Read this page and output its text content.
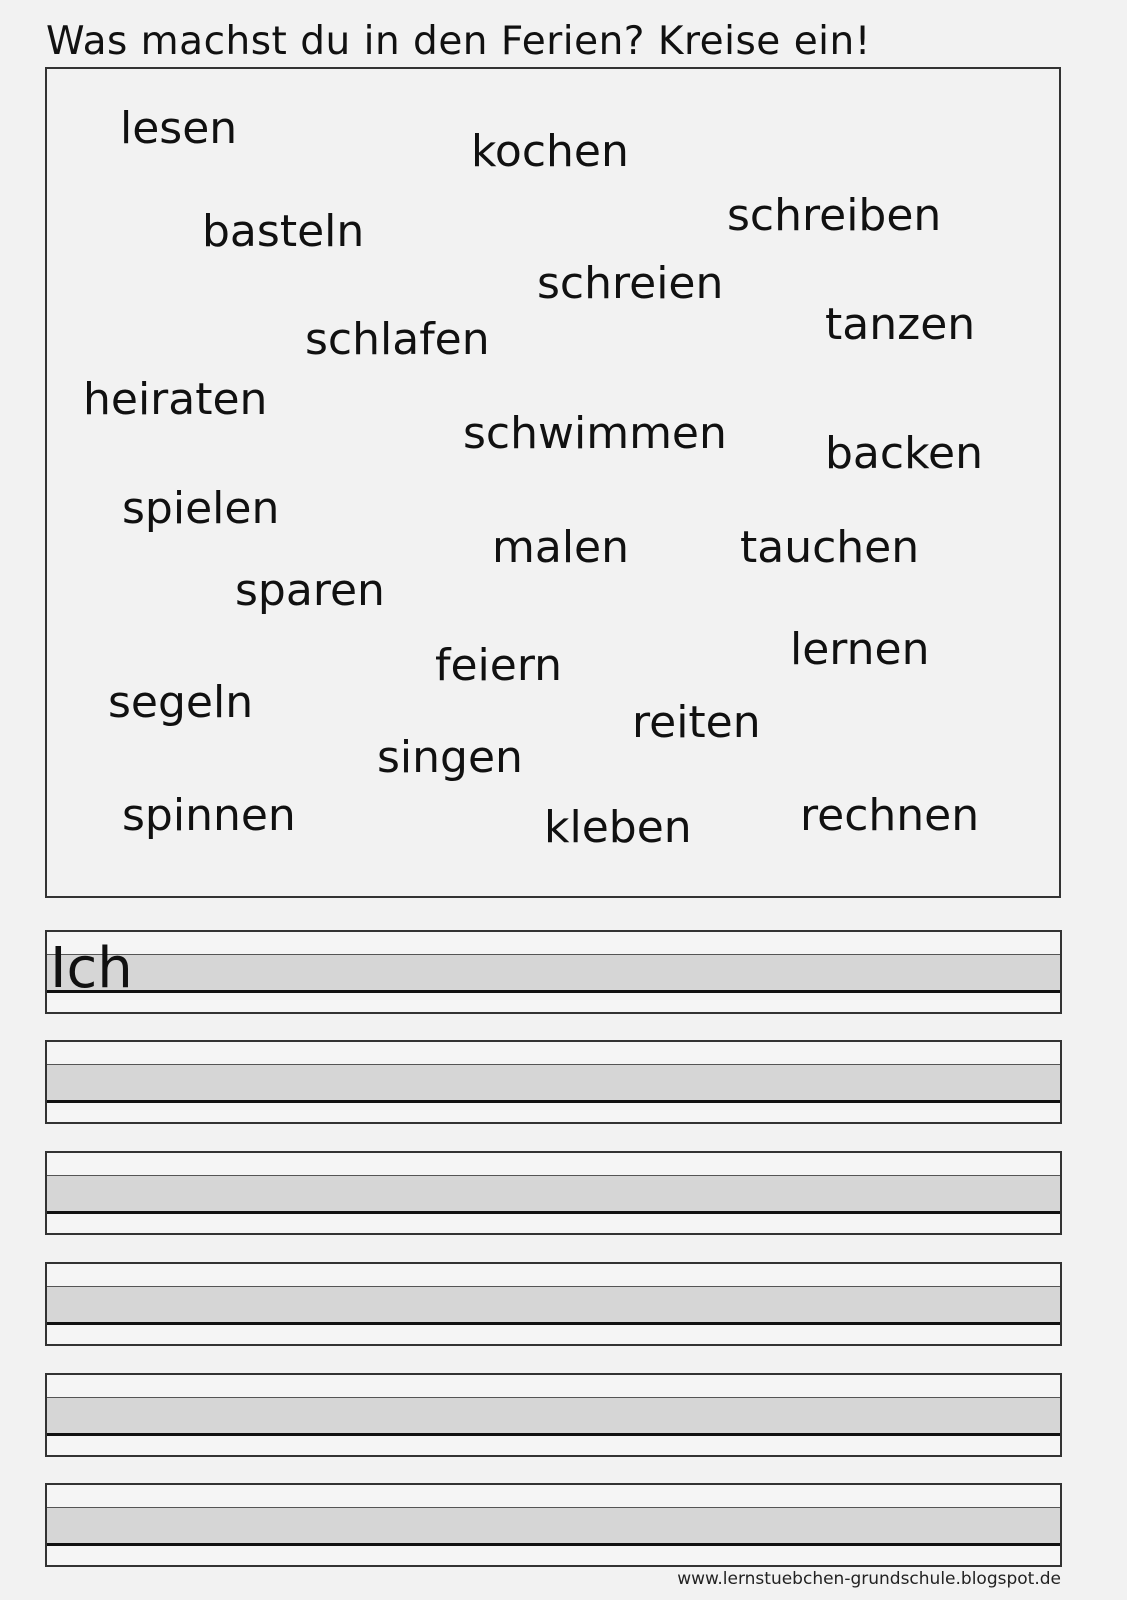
Was machst du in den Ferien? Kreise ein!
lesen	kochen
basteln	schreiben
schreien
tanzen
schlafen
heiraten
schwimmen backen
spielen
malen	tauchen
sparen
lernen
feiern
segeln	reiten
singen
spinnen	kleben rechnen
Ich
www.lernstuebchen-grundschule.blogspot.de
